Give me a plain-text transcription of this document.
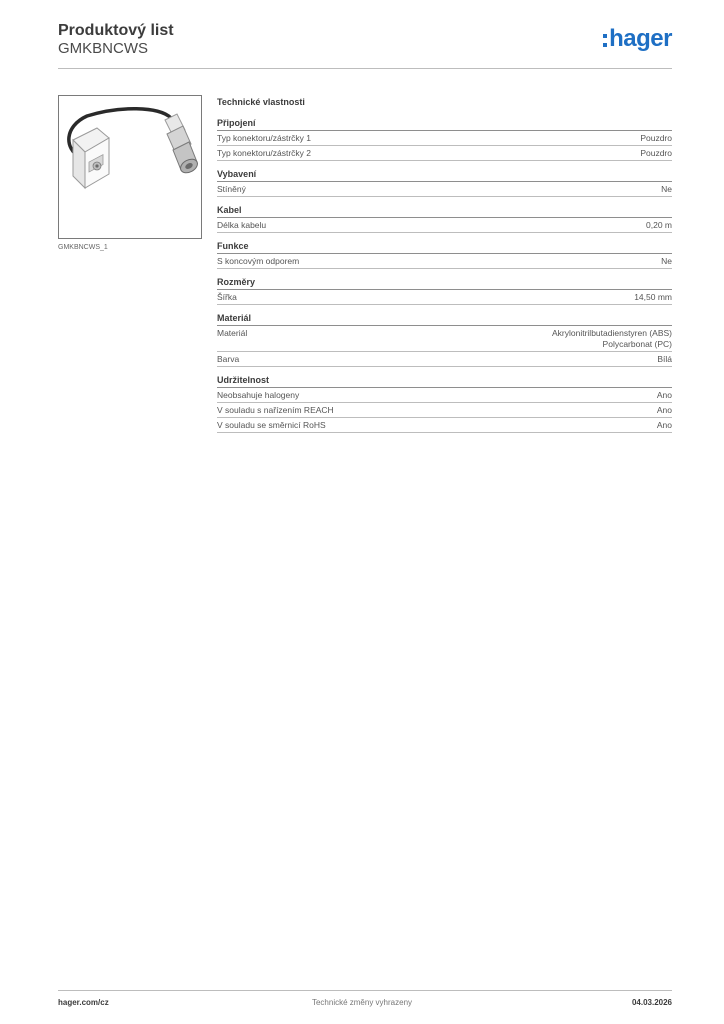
Produktový list
GMKBNCWS	hager
GMKBNCWS_1
Technické vlastnosti
Připojení
Typ konektoru/zástrčky 1	Pouzdro
Typ konektoru/zástrčky 2	Pouzdro
Vybavení
Stíněný	Ne
Kabel
Délka kabelu	0,20 m
Funkce
S koncovým odporem	Ne
Rozměry
Šířka	14,50 mm
Materiál
Materiál	Akrylonitrilbutadienstyren (ABS)
Polycarbonat (PC)
Barva	Bílá
Udržitelnost
Neobsahuje halogeny	Ano
V souladu s nařízením REACH	Ano
V souladu se směrnicí RoHS	Ano
hager.com/cz	Technické změny vyhrazeny	04.03.2026
